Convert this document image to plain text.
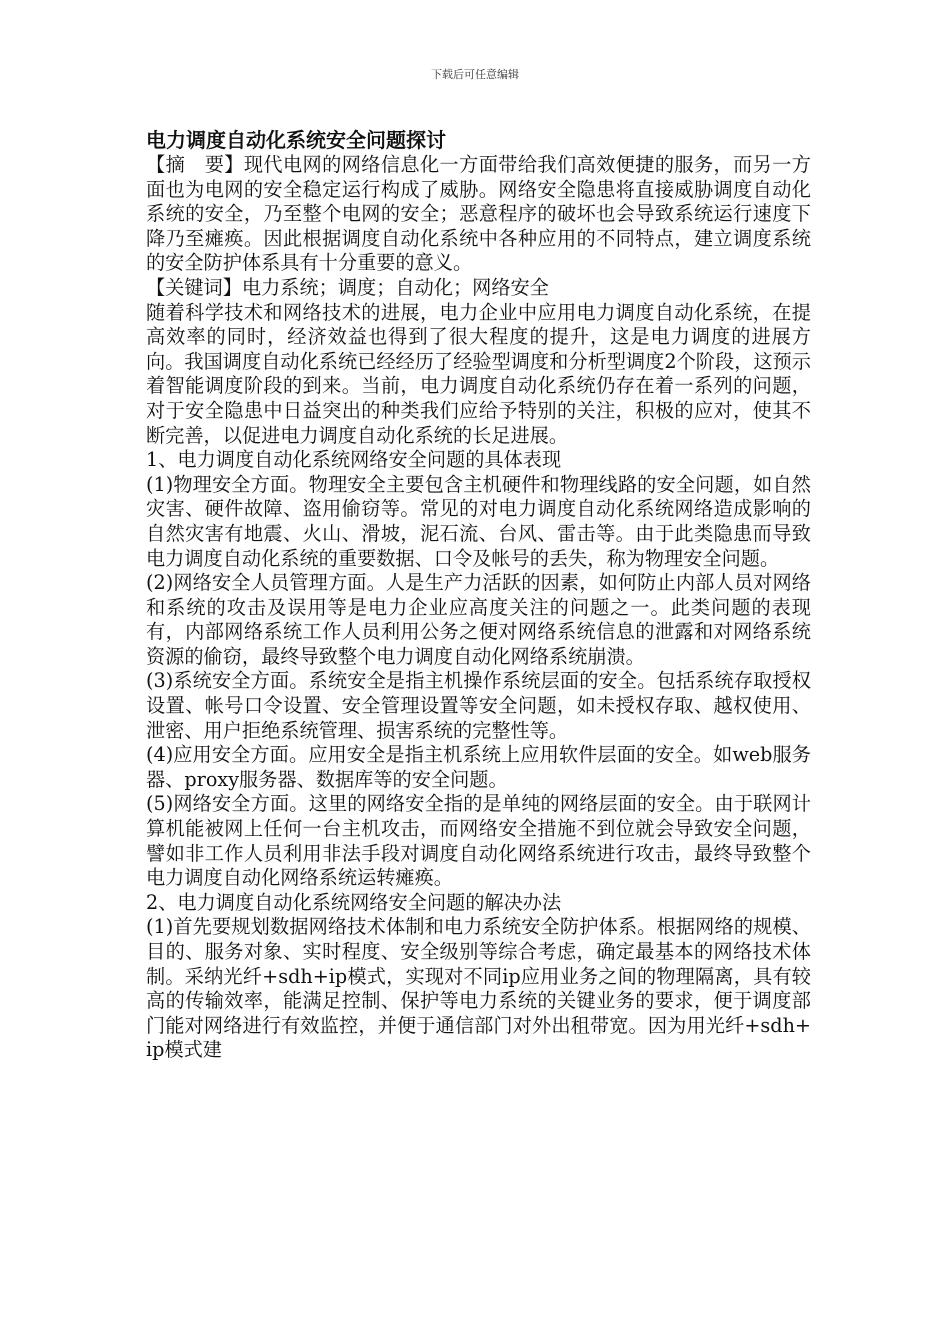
下载后可任意编辑
电力调度自动化系统安全问题探讨

【摘　要】现代电网的网络信息化一方面带给我们高效便捷的服务，而另一方面也为电网的安全稳定运行构成了威胁。网络安全隐患将直接威胁调度自动化系统的安全，乃至整个电网的安全；恶意程序的破坏也会导致系统运行速度下降乃至瘫痪。因此根据调度自动化系统中各种应用的不同特点，建立调度系统的安全防护体系具有十分重要的意义。

【关键词】电力系统；调度；自动化；网络安全

随着科学技术和网络技术的进展，电力企业中应用电力调度自动化系统，在提高效率的同时，经济效益也得到了很大程度的提升，这是电力调度的进展方向。我国调度自动化系统已经经历了经验型调度和分析型调度2个阶段，这预示着智能调度阶段的到来。当前，电力调度自动化系统仍存在着一系列的问题，对于安全隐患中日益突出的种类我们应给予特别的关注，积极的应对，使其不断完善，以促进电力调度自动化系统的长足进展。

1、电力调度自动化系统网络安全问题的具体表现

(1)物理安全方面。物理安全主要包含主机硬件和物理线路的安全问题，如自然灾害、硬件故障、盗用偷窃等。常见的对电力调度自动化系统网络造成影响的自然灾害有地震、火山、滑坡，泥石流、台风、雷击等。由于此类隐患而导致电力调度自动化系统的重要数据、口令及帐号的丢失，称为物理安全问题。

(2)网络安全人员管理方面。人是生产力活跃的因素，如何防止内部人员对网络和系统的攻击及误用等是电力企业应高度关注的问题之一。此类问题的表现有，内部网络系统工作人员利用公务之便对网络系统信息的泄露和对网络系统资源的偷窃，最终导致整个电力调度自动化网络系统崩溃。

(3)系统安全方面。系统安全是指主机操作系统层面的安全。包括系统存取授权设置、帐号口令设置、安全管理设置等安全问题，如未授权存取、越权使用、泄密、用户拒绝系统管理、损害系统的完整性等。

(4)应用安全方面。应用安全是指主机系统上应用软件层面的安全。如web服务器、proxy服务器、数据库等的安全问题。

(5)网络安全方面。这里的网络安全指的是单纯的网络层面的安全。由于联网计算机能被网上任何一台主机攻击，而网络安全措施不到位就会导致安全问题，譬如非工作人员利用非法手段对调度自动化网络系统进行攻击，最终导致整个电力调度自动化网络系统运转瘫痪。

2、电力调度自动化系统网络安全问题的解决办法

(1)首先要规划数据网络技术体制和电力系统安全防护体系。根据网络的规模、目的、服务对象、实时程度、安全级别等综合考虑，确定最基本的网络技术体制。采纳光纤+sdh+ip模式，实现对不同ip应用业务之间的物理隔离，具有较高的传输效率，能满足控制、保护等电力系统的关键业务的要求，便于调度部门能对网络进行有效监控，并便于通信部门对外出租带宽。因为用光纤+sdh+ip模式建
